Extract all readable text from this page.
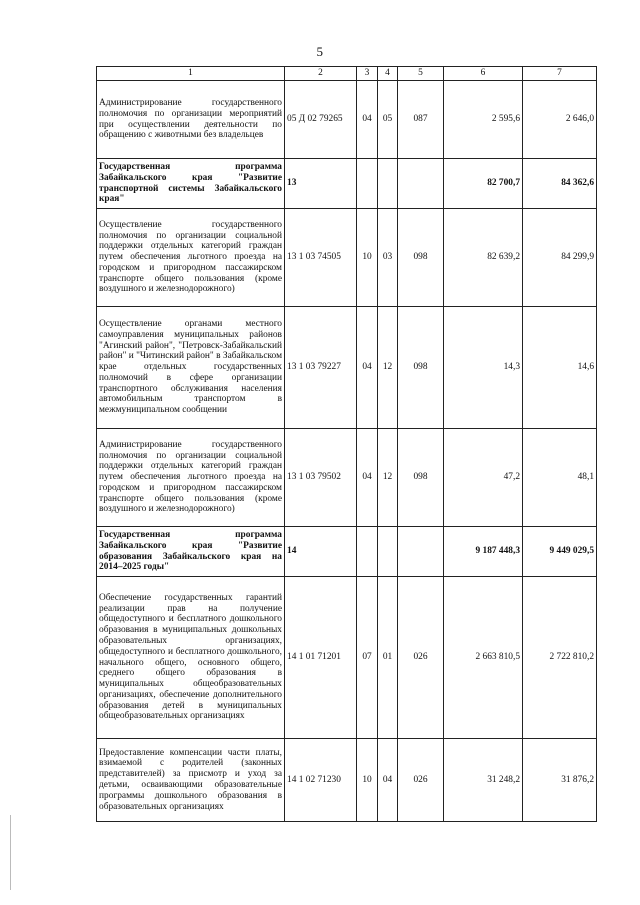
5
1	2	3	4	5	6	7
Администрирование государственного полномочия по организации мероприятий при осуществлении деятельности по обращению с животными без владельцев	05 Д 02 79265	04	05	087	2 595,6	2 646,0
Государственная программа Забайкальского края "Развитие транспортной системы Забайкальского края"	13				82 700,7	84 362,6
Осуществление государственного полномочия по организации социальной поддержки отдельных категорий граждан путем обеспечения льготного проезда на городском и пригородном пассажирском транспорте общего пользования (кроме воздушного и железнодорожного)	13 1 03 74505	10	03	098	82 639,2	84 299,9
Осуществление органами местного самоуправления муниципальных районов "Агинский район", "Петровск-Забайкальский район" и "Читинский район" в Забайкальском крае отдельных государственных полномочий в сфере организации транспортного обслуживания населения автомобильным транспортом в межмуниципальном сообщении	13 1 03 79227	04	12	098	14,3	14,6
Администрирование государственного полномочия по организации социальной поддержки отдельных категорий граждан путем обеспечения льготного проезда на городском и пригородном пассажирском транспорте общего пользования (кроме воздушного и железнодорожного)	13 1 03 79502	04	12	098	47,2	48,1
Государственная программа Забайкальского края "Развитие образования Забайкальского края на 2014–2025 годы"	14				9 187 448,3	9 449 029,5
Обеспечение государственных гарантий реализации прав на получение общедоступного и бесплатного дошкольного образования в муниципальных дошкольных образовательных организациях, общедоступного и бесплатного дошкольного, начального общего, основного общего, среднего общего образования в муниципальных общеобразовательных организациях, обеспечение дополнительного образования детей в муниципальных общеобразовательных организациях	14 1 01 71201	07	01	026	2 663 810,5	2 722 810,2
Предоставление компенсации части платы, взимаемой с родителей (законных представителей) за присмотр и уход за детьми, осваивающими образовательные программы дошкольного образования в образовательных организациях	14 1 02 71230	10	04	026	31 248,2	31 876,2
